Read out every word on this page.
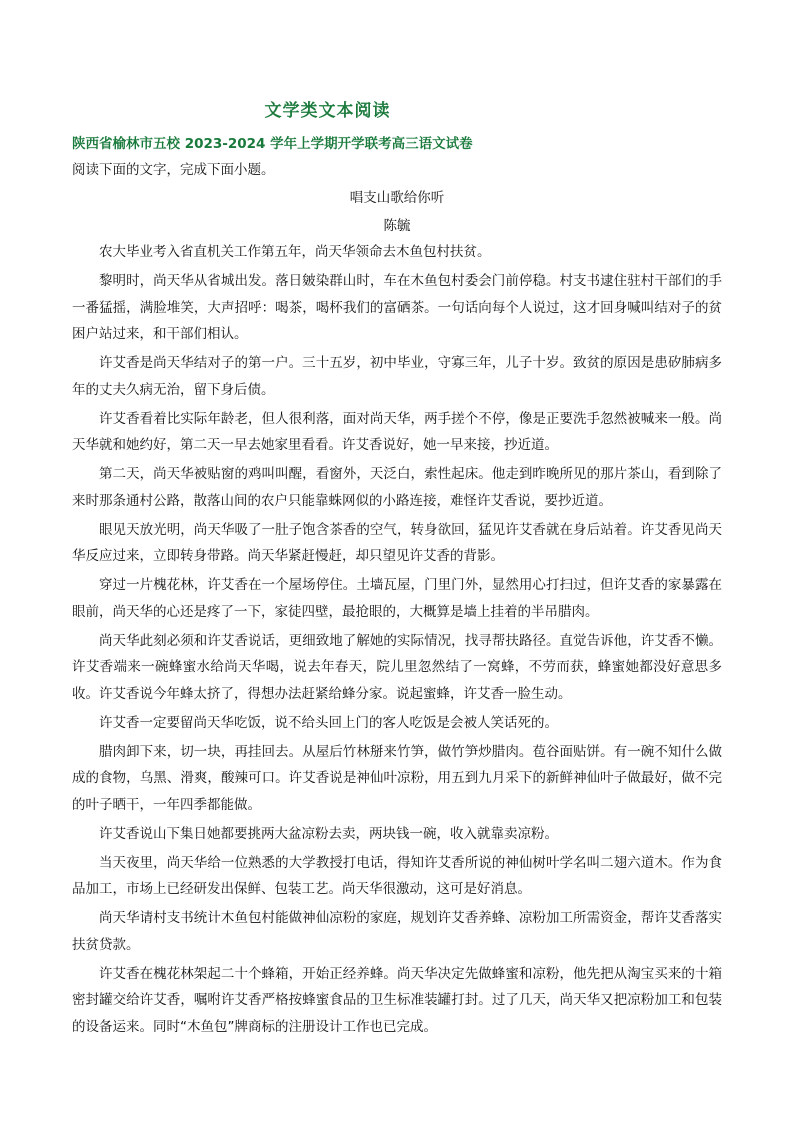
文学类文本阅读
陕西省榆林市五校 2023-2024 学年上学期开学联考高三语文试卷
阅读下面的文字，完成下面小题。
唱支山歌给你听
陈毓

农大毕业考入省直机关工作第五年，尚天华领命去木鱼包村扶贫。

黎明时，尚天华从省城出发。落日皴染群山时，车在木鱼包村委会门前停稳。村支书逮住驻村干部们的手一番猛摇，满脸堆笑，大声招呼：喝茶，喝杯我们的富硒茶。一句话向每个人说过，这才回身喊叫结对子的贫困户站过来，和干部们相认。

许艾香是尚天华结对子的第一户。三十五岁，初中毕业，守寡三年，儿子十岁。致贫的原因是患矽肺病多年的丈夫久病无治，留下身后债。

许艾香看着比实际年龄老，但人很利落，面对尚天华，两手搓个不停，像是正要洗手忽然被喊来一般。尚天华就和她约好，第二天一早去她家里看看。许艾香说好，她一早来接，抄近道。

第二天，尚天华被贴窗的鸡叫叫醒，看窗外，天泛白，索性起床。他走到昨晚所见的那片茶山，看到除了来时那条通村公路，散落山间的农户只能靠蛛网似的小路连接，难怪许艾香说，要抄近道。

眼见天放光明，尚天华吸了一肚子饱含茶香的空气，转身欲回，猛见许艾香就在身后站着。许艾香见尚天华反应过来，立即转身带路。尚天华紧赶慢赶，却只望见许艾香的背影。

穿过一片槐花林，许艾香在一个屋场停住。土墙瓦屋，门里门外，显然用心打扫过，但许艾香的家暴露在眼前，尚天华的心还是疼了一下，家徒四壁，最抢眼的，大概算是墙上挂着的半吊腊肉。

尚天华此刻必须和许艾香说话，更细致地了解她的实际情况，找寻帮扶路径。直觉告诉他，许艾香不懒。许艾香端来一碗蜂蜜水给尚天华喝，说去年春天，院儿里忽然结了一窝蜂，不劳而获，蜂蜜她都没好意思多收。许艾香说今年蜂太挤了，得想办法赶紧给蜂分家。说起蜜蜂，许艾香一脸生动。

许艾香一定要留尚天华吃饭，说不给头回上门的客人吃饭是会被人笑话死的。

腊肉卸下来，切一块，再挂回去。从屋后竹林掰来竹笋，做竹笋炒腊肉。苞谷面贴饼。有一碗不知什么做成的食物，乌黑、滑爽，酸辣可口。许艾香说是神仙叶凉粉，用五到九月采下的新鲜神仙叶子做最好，做不完的叶子晒干，一年四季都能做。

许艾香说山下集日她都要挑两大盆凉粉去卖，两块钱一碗，收入就靠卖凉粉。

当天夜里，尚天华给一位熟悉的大学教授打电话，得知许艾香所说的神仙树叶学名叫二翅六道木。作为食品加工，市场上已经研发出保鲜、包装工艺。尚天华很激动，这可是好消息。

尚天华请村支书统计木鱼包村能做神仙凉粉的家庭，规划许艾香养蜂、凉粉加工所需资金，帮许艾香落实扶贫贷款。

许艾香在槐花林架起二十个蜂箱，开始正经养蜂。尚天华决定先做蜂蜜和凉粉，他先把从淘宝买来的十箱密封罐交给许艾香，嘱咐许艾香严格按蜂蜜食品的卫生标准装罐打封。过了几天，尚天华又把凉粉加工和包装的设备运来。同时“木鱼包”牌商标的注册设计工作也已完成。
